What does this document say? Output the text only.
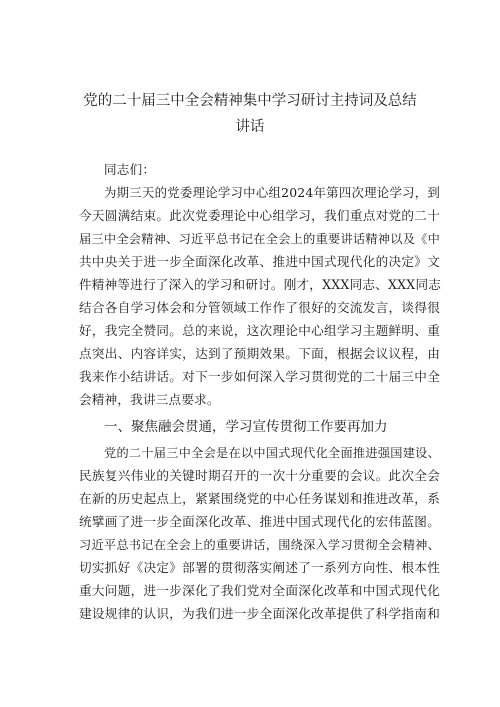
党的二十届三中全会精神集中学习研讨主持词及总结
讲话
同志们：
为期三天的党委理论学习中心组2024年第四次理论学习，到
今天圆满结束。此次党委理论中心组学习，我们重点对党的二十
届三中全会精神、习近平总书记在全会上的重要讲话精神以及《中
共中央关于进一步全面深化改革、推进中国式现代化的决定》文
件精神等进行了深入的学习和研讨。刚才，XXX同志、XXX同志
结合各自学习体会和分管领域工作作了很好的交流发言，谈得很
好，我完全赞同。总的来说，这次理论中心组学习主题鲜明、重
点突出、内容详实，达到了预期效果。下面，根据会议议程，由
我来作小结讲话。对下一步如何深入学习贯彻党的二十届三中全
会精神，我讲三点要求。
一、聚焦融会贯通，学习宣传贯彻工作要再加力
党的二十届三中全会是在以中国式现代化全面推进强国建设、
民族复兴伟业的关键时期召开的一次十分重要的会议。此次全会
在新的历史起点上，紧紧围绕党的中心任务谋划和推进改革，系
统擘画了进一步全面深化改革、推进中国式现代化的宏伟蓝图。
习近平总书记在全会上的重要讲话，围绕深入学习贯彻全会精神、
切实抓好《决定》部署的贯彻落实阐述了一系列方向性、根本性
重大问题，进一步深化了我们党对全面深化改革和中国式现代化
建设规律的认识，为我们进一步全面深化改革提供了科学指南和
